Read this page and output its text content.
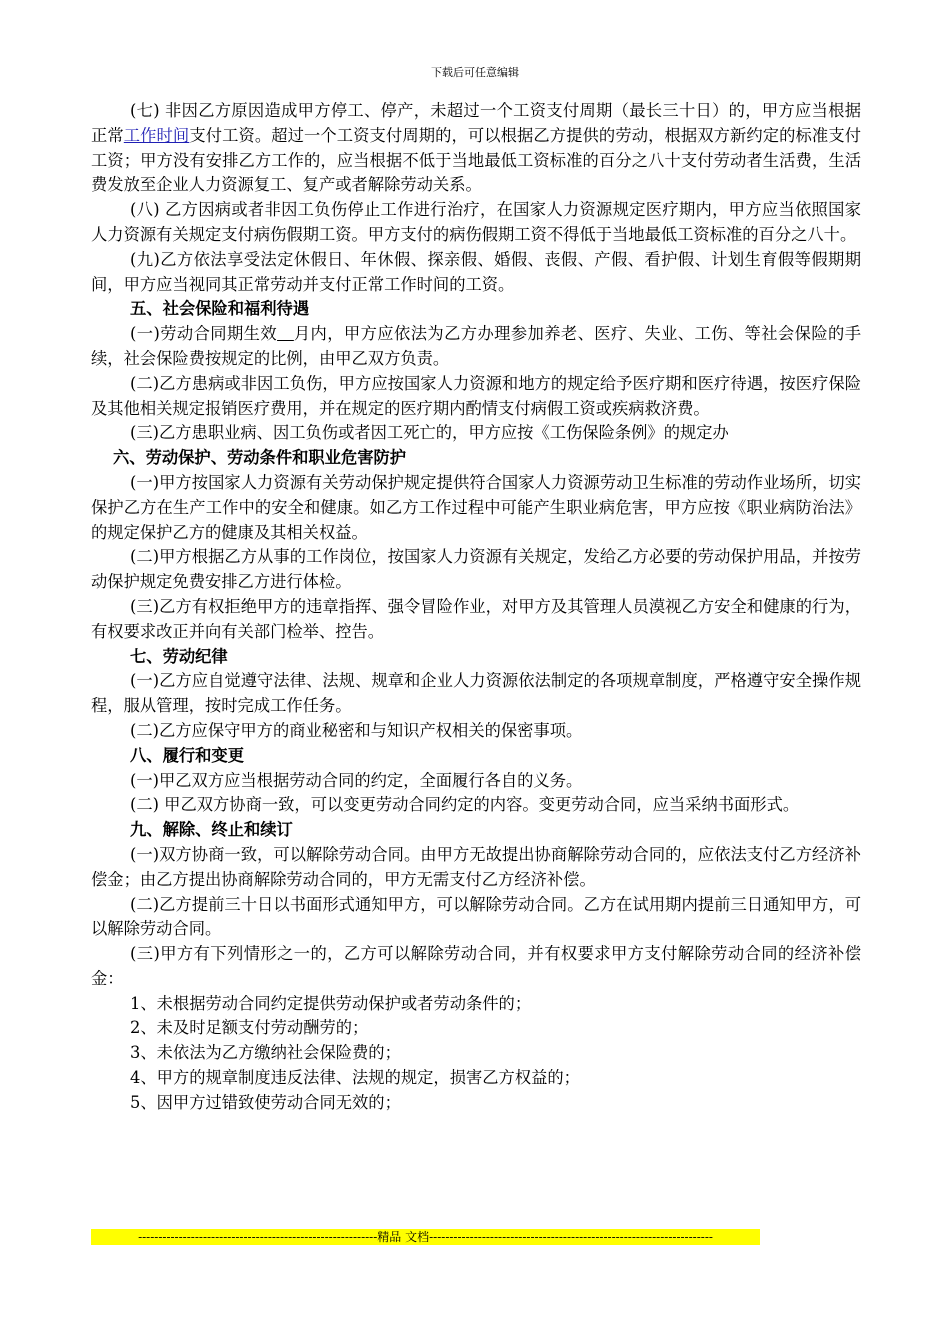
下载后可任意编辑

(七) 非因乙方原因造成甲方停工、停产，未超过一个工资支付周期（最长三十日）的，甲方应当根据正常工作时间支付工资。超过一个工资支付周期的，可以根据乙方提供的劳动，根据双方新约定的标准支付工资；甲方没有安排乙方工作的，应当根据不低于当地最低工资标准的百分之八十支付劳动者生活费，生活费发放至企业人力资源复工、复产或者解除劳动关系。

(八) 乙方因病或者非因工负伤停止工作进行治疗，在国家人力资源规定医疗期内，甲方应当依照国家人力资源有关规定支付病伤假期工资。甲方支付的病伤假期工资不得低于当地最低工资标准的百分之八十。

(九)乙方依法享受法定休假日、年休假、探亲假、婚假、丧假、产假、看护假、计划生育假等假期期间，甲方应当视同其正常劳动并支付正常工作时间的工资。

五、社会保险和福利待遇

(一)劳动合同期生效 月内，甲方应依法为乙方办理参加养老、医疗、失业、工伤、等社会保险的手续，社会保险费按规定的比例，由甲乙双方负责。

(二)乙方患病或非因工负伤，甲方应按国家人力资源和地方的规定给予医疗期和医疗待遇，按医疗保险及其他相关规定报销医疗费用，并在规定的医疗期内酌情支付病假工资或疾病救济费。

(三)乙方患职业病、因工负伤或者因工死亡的，甲方应按《工伤保险条例》的规定办

六、劳动保护、劳动条件和职业危害防护

(一)甲方按国家人力资源有关劳动保护规定提供符合国家人力资源劳动卫生标准的劳动作业场所，切实保护乙方在生产工作中的安全和健康。如乙方工作过程中可能产生职业病危害，甲方应按《职业病防治法》的规定保护乙方的健康及其相关权益。

(二)甲方根据乙方从事的工作岗位，按国家人力资源有关规定，发给乙方必要的劳动保护用品，并按劳动保护规定免费安排乙方进行体检。

(三)乙方有权拒绝甲方的违章指挥、强令冒险作业，对甲方及其管理人员漠视乙方安全和健康的行为，有权要求改正并向有关部门检举、控告。

七、劳动纪律

(一)乙方应自觉遵守法律、法规、规章和企业人力资源依法制定的各项规章制度，严格遵守安全操作规程，服从管理，按时完成工作任务。

(二)乙方应保守甲方的商业秘密和与知识产权相关的保密事项。

八、履行和变更

(一)甲乙双方应当根据劳动合同的约定，全面履行各自的义务。

(二) 甲乙双方协商一致，可以变更劳动合同约定的内容。变更劳动合同，应当采纳书面形式。

九、解除、终止和续订

(一)双方协商一致，可以解除劳动合同。由甲方无故提出协商解除劳动合同的，应依法支付乙方经济补偿金；由乙方提出协商解除劳动合同的，甲方无需支付乙方经济补偿。

(二)乙方提前三十日以书面形式通知甲方，可以解除劳动合同。乙方在试用期内提前三日通知甲方，可以解除劳动合同。

(三)甲方有下列情形之一的，乙方可以解除劳动合同，并有权要求甲方支付解除劳动合同的经济补偿金：

1、未根据劳动合同约定提供劳动保护或者劳动条件的；

2、未及时足额支付劳动酬劳的；

3、未依法为乙方缴纳社会保险费的；

4、甲方的规章制度违反法律、法规的规定，损害乙方权益的；

5、因甲方过错致使劳动合同无效的；

-----------------------------------------------------------精品 文档----------------------------------------------------------------------
